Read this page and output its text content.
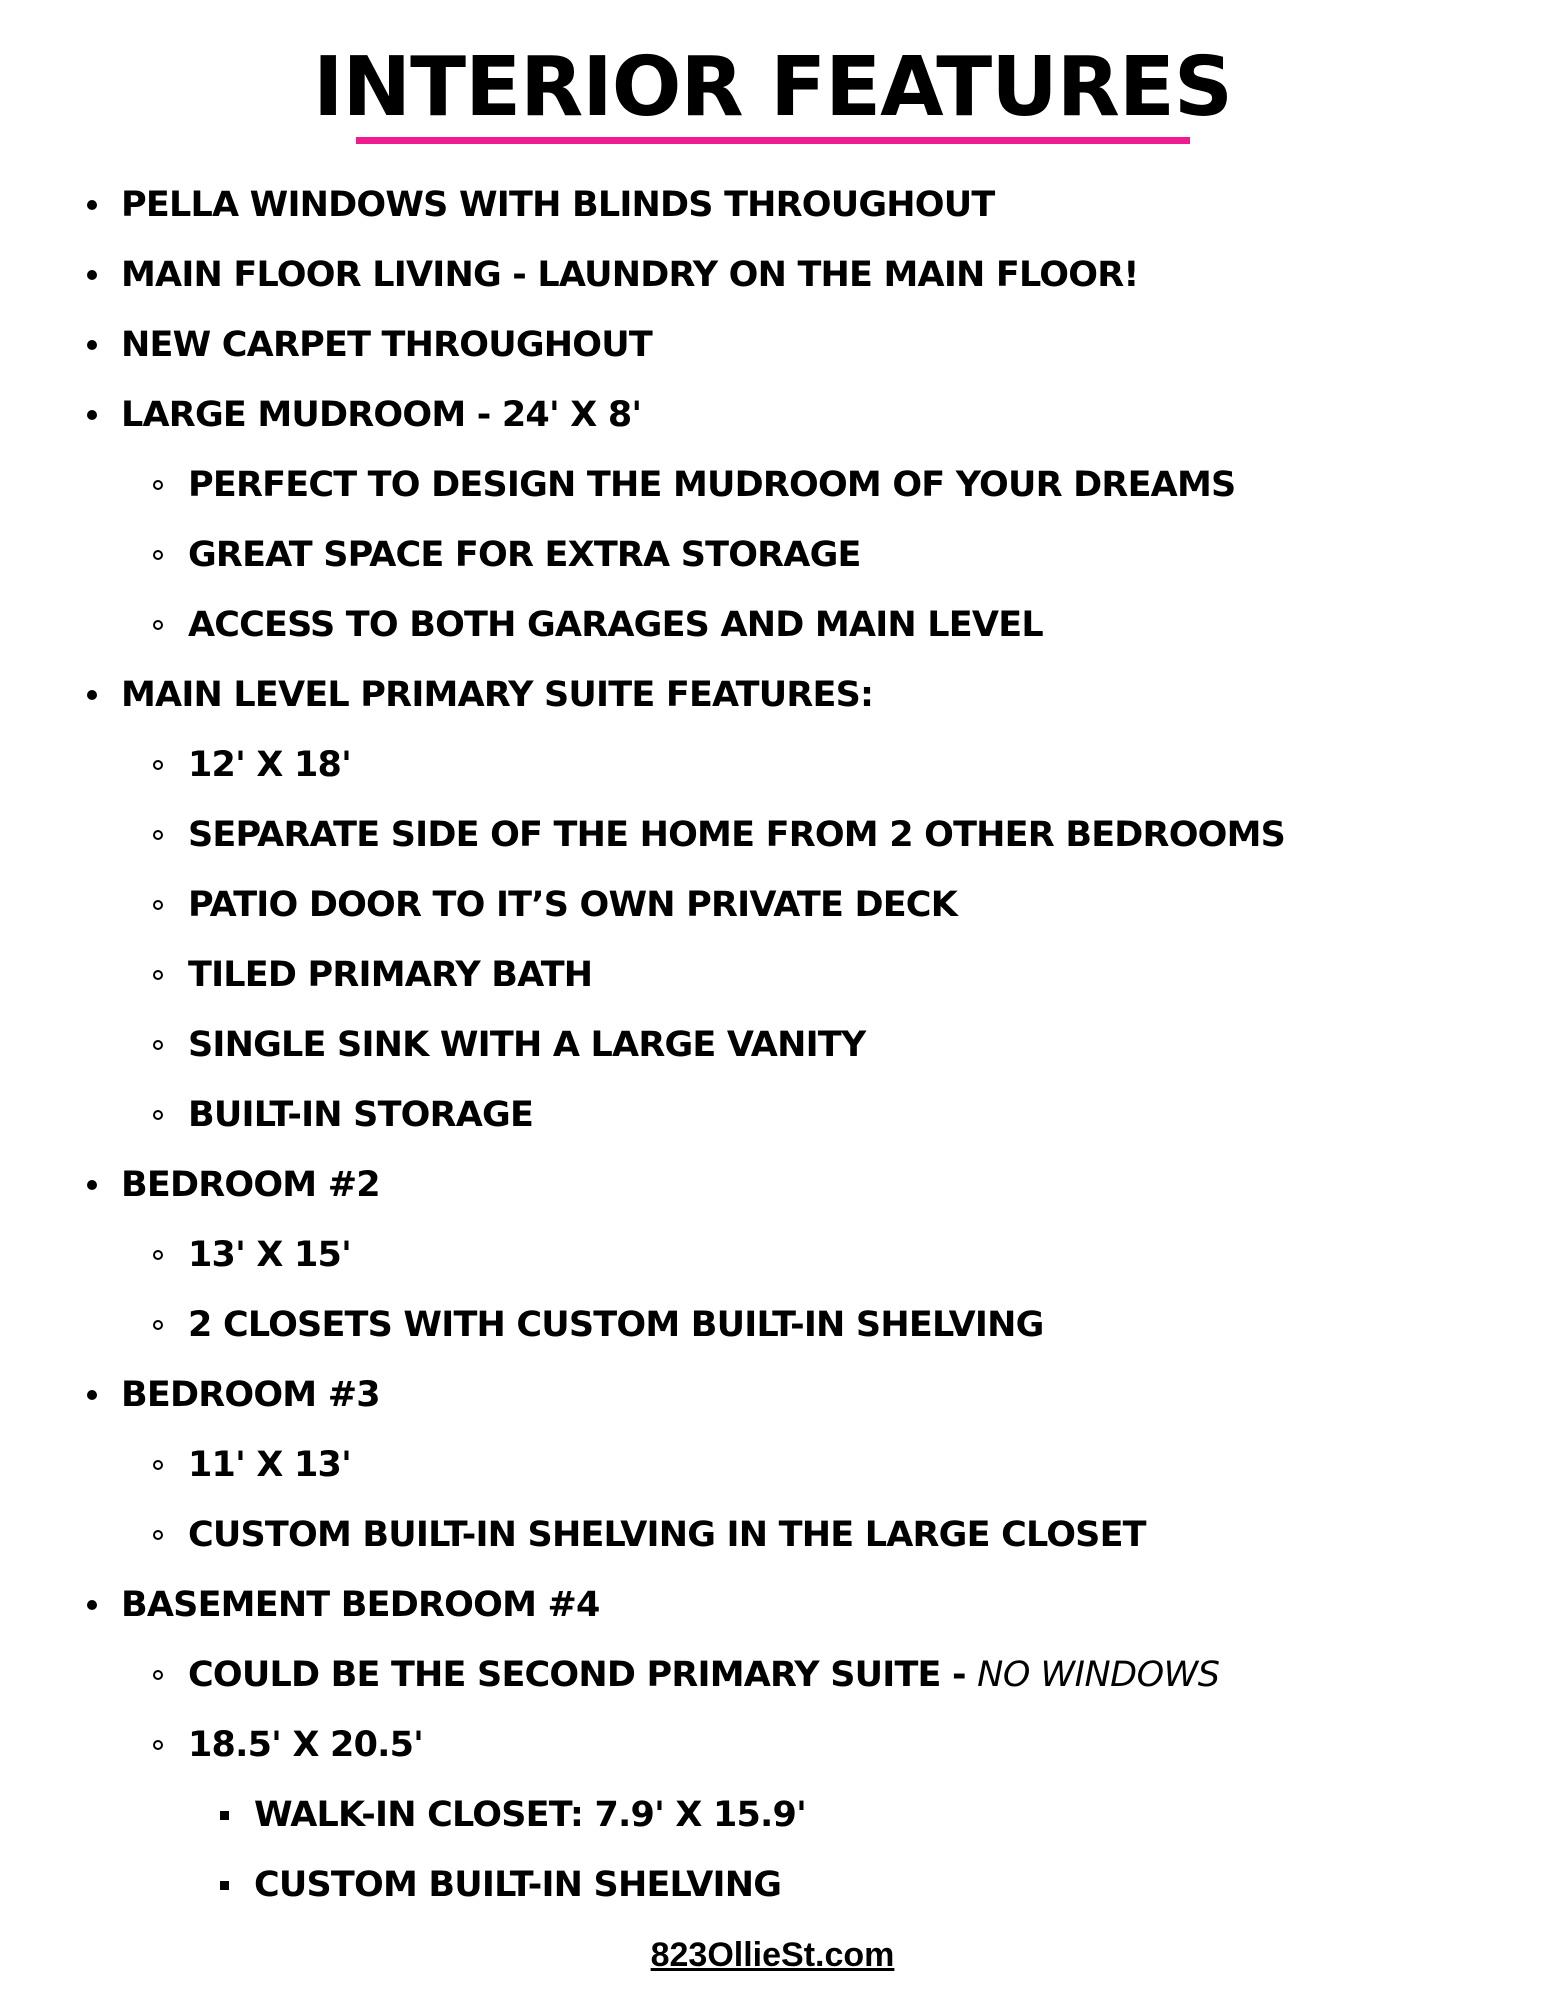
INTERIOR FEATURES
PELLA WINDOWS WITH BLINDS THROUGHOUT
MAIN FLOOR LIVING - LAUNDRY ON THE MAIN FLOOR!
NEW CARPET THROUGHOUT
LARGE MUDROOM - 24' X 8'
PERFECT TO DESIGN THE MUDROOM OF YOUR DREAMS
GREAT SPACE FOR EXTRA STORAGE
ACCESS TO BOTH GARAGES AND MAIN LEVEL
MAIN LEVEL PRIMARY SUITE FEATURES:
12' X 18'
SEPARATE SIDE OF THE HOME FROM 2 OTHER BEDROOMS
PATIO DOOR TO IT’S OWN PRIVATE DECK
TILED PRIMARY BATH
SINGLE SINK WITH A LARGE VANITY
BUILT-IN STORAGE
BEDROOM #2
13' X 15'
2 CLOSETS WITH CUSTOM BUILT-IN SHELVING
BEDROOM #3
11' X 13'
CUSTOM BUILT-IN SHELVING IN THE LARGE CLOSET
BASEMENT BEDROOM #4
COULD BE THE SECOND PRIMARY SUITE - NO WINDOWS
18.5' X 20.5'
WALK-IN CLOSET: 7.9' X 15.9'
CUSTOM BUILT-IN SHELVING
823OllieSt.com
